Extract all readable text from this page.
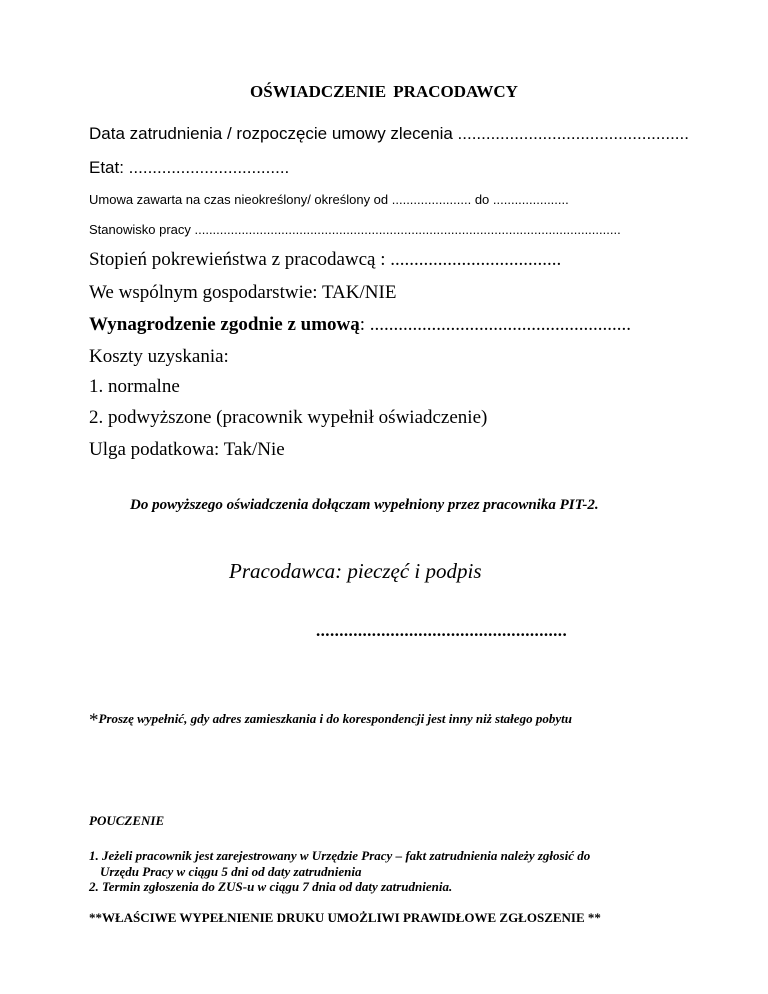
OŚWIADCZENIE PRACODAWCY
Data zatrudnienia / rozpoczęcie umowy zlecenia .................................................
Etat: ..................................
Umowa zawarta na czas nieokreślony/ określony od ...................... do .....................
Stanowisko pracy ......................................................................................................................
Stopień pokrewieństwa z pracodawcą : ....................................
We wspólnym gospodarstwie: TAK/NIE
Wynagrodzenie zgodnie z umową: .......................................................
Koszty uzyskania:
1. normalne
2. podwyższone (pracownik wypełnił oświadczenie)
Ulga podatkowa: Tak/Nie
Do powyższego oświadczenia dołączam wypełniony przez pracownika PIT-2.
Pracodawca: pieczęć i podpis
......................................................
*Proszę wypełnić, gdy adres zamieszkania i do korespondencji jest inny niż stałego pobytu
POUCZENIE
1. Jeżeli pracownik jest zarejestrowany w Urzędzie Pracy – fakt zatrudnienia należy zgłosić do
Urzędu Pracy w ciągu 5 dni od daty zatrudnienia
2. Termin zgłoszenia do ZUS-u w ciągu 7 dnia od daty zatrudnienia.
**WŁAŚCIWE WYPEŁNIENIE DRUKU UMOŻLIWI PRAWIDŁOWE ZGŁOSZENIE **
